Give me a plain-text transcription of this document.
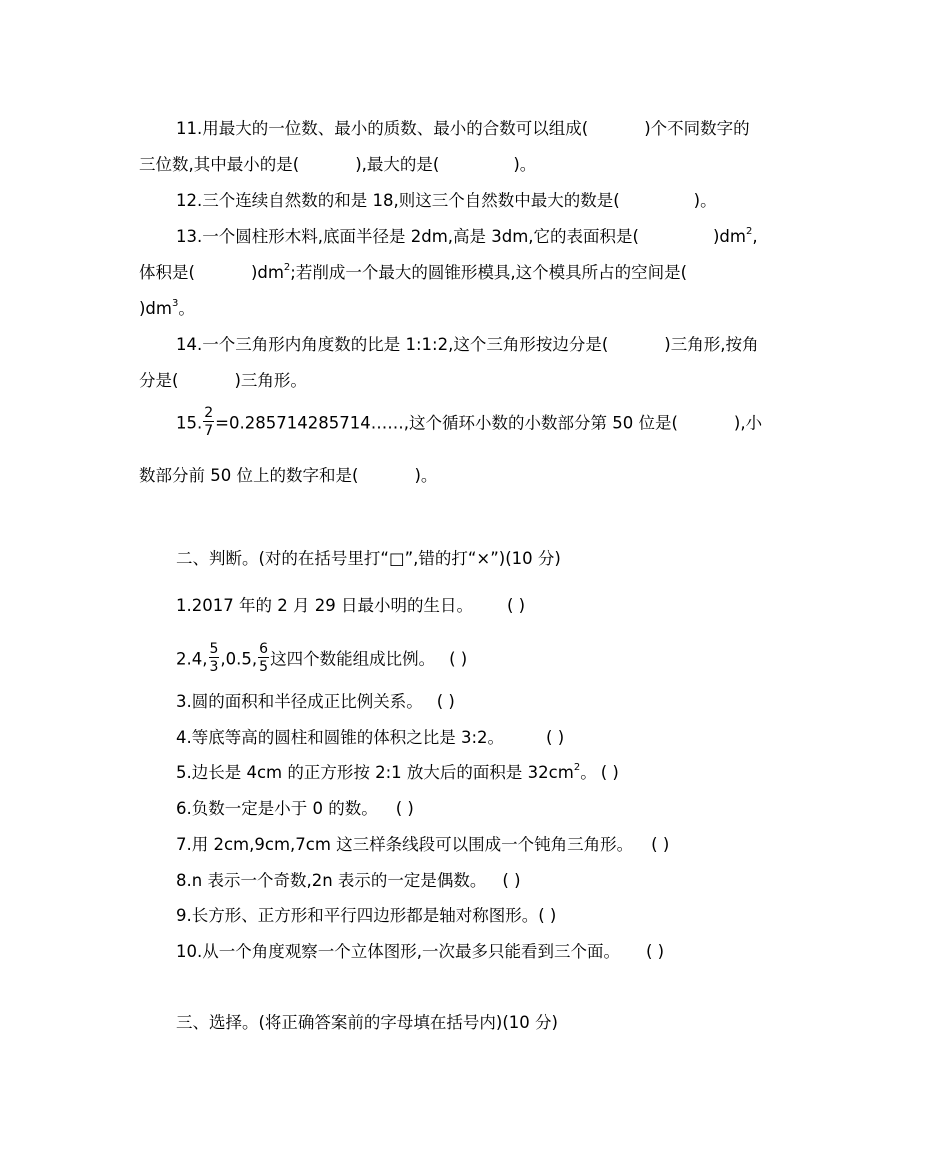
11.用最大的一位数、最小的质数、最小的合数可以组成(	)个不同数字的
三位数,其中最小的是(	),最大的是(	)。
12.三个连续自然数的和是 18,则这三个自然数中最大的数是(	)。
13.一个圆柱形木料,底面半径是 2dm,高是 3dm,它的表面积是(	)$dm^2$,
体积是(	)$dm^2$;若削成一个最大的圆锥形模具,这个模具所占的空间是(
)$dm^3$。
14.一个三角形内角度数的比是 1:1:2,这个三角形按边分是(	)三角形,按角
分是(	)三角形。
15. $\frac{2}{7}$ =0.285714285714……,这个循环小数的小数部分第 50 位是(	),小
数部分前 50 位上的数字和是(	)。
二、判断。(对的在括号里打“□”,错的打“×”)(10 分)
1.2017 年的 2 月 29 日最小明的生日。 ( )
2.4, $\frac{5}{3} ,0.5$, $\frac{6}{5}$ 这四个数能组成比例。 ( )
3.圆的面积和半径成正比例关系。 ( )
4.等底等高的圆柱和圆锥的体积之比是 3:2。	( )
5.边长是 4cm 的正方形按 2:1 放大后的面积是 $32cm^2$。 ( )
6.负数一定是小于 0 的数。 ( )
7.用 2cm,9cm,7cm 这三样条线段可以围成一个钝角三角形。 ( )
8.n 表示一个奇数,2n 表示的一定是偶数。 ( )
9.长方形、正方形和平行四边形都是轴对称图形。( )
10.从一个角度观察一个立体图形,一次最多只能看到三个面。 ( )
三、选择。(将正确答案前的字母填在括号内)(10 分)
